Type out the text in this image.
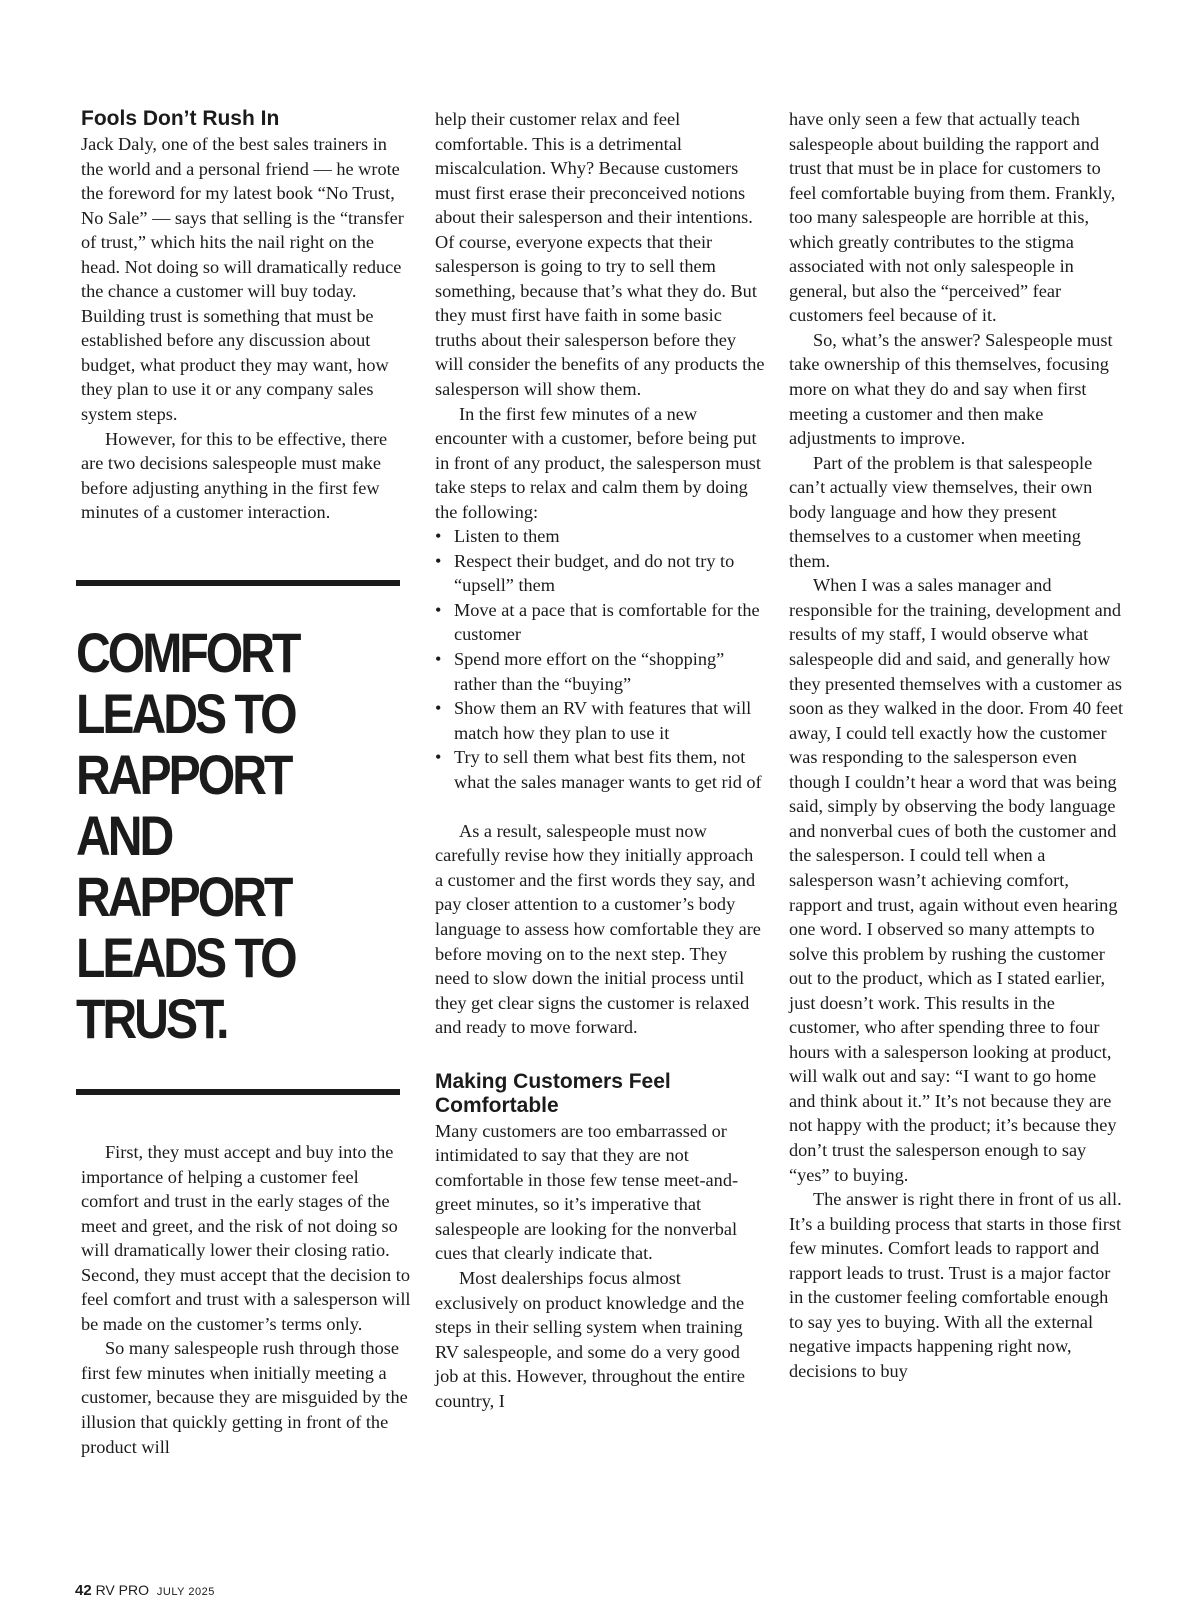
Fools Don’t Rush In

Jack Daly, one of the best sales trainers in the world and a personal friend — he wrote the foreword for my latest book “No Trust, No Sale” — says that selling is the “transfer of trust,” which hits the nail right on the head. Not doing so will dramatically reduce the chance a customer will buy today. Building trust is something that must be established before any discussion about budget, what product they may want, how they plan to use it or any company sales system steps.

However, for this to be effective, there are two decisions salespeople must make before adjusting anything in the first few minutes of a customer interaction.

COMFORT
LEADS TO
RAPPORT
AND
RAPPORT
LEADS TO
TRUST.

First, they must accept and buy into the importance of helping a customer feel comfort and trust in the early stages of the meet and greet, and the risk of not doing so will dramatically lower their closing ratio. Second, they must accept that the decision to feel comfort and trust with a salesperson will be made on the customer’s terms only.

So many salespeople rush through those first few minutes when initially meeting a customer, because they are misguided by the illusion that quickly getting in front of the product will

help their customer relax and feel comfortable. This is a detrimental miscalculation. Why? Because customers must first erase their preconceived notions about their salesperson and their intentions. Of course, everyone expects that their salesperson is going to try to sell them something, because that’s what they do. But they must first have faith in some basic truths about their salesperson before they will consider the benefits of any products the salesperson will show them.

In the first few minutes of a new encounter with a customer, before being put in front of any product, the salesperson must take steps to relax and calm them by doing the following:

• Listen to them
• Respect their budget, and do not try to “upsell” them
• Move at a pace that is comfortable for the customer
• Spend more effort on the “shopping” rather than the “buying”
• Show them an RV with features that will match how they plan to use it
• Try to sell them what best fits them, not what the sales manager wants to get rid of

As a result, salespeople must now carefully revise how they initially approach a customer and the first words they say, and pay closer attention to a customer’s body language to assess how comfortable they are before moving on to the next step. They need to slow down the initial process until they get clear signs the customer is relaxed and ready to move forward.

Making Customers Feel Comfortable

Many customers are too embarrassed or intimidated to say that they are not comfortable in those few tense meet-and-greet minutes, so it’s imperative that salespeople are looking for the nonverbal cues that clearly indicate that.

Most dealerships focus almost exclusively on product knowledge and the steps in their selling system when training RV salespeople, and some do a very good job at this. However, throughout the entire country, I

have only seen a few that actually teach salespeople about building the rapport and trust that must be in place for customers to feel comfortable buying from them. Frankly, too many salespeople are horrible at this, which greatly contributes to the stigma associated with not only salespeople in general, but also the “perceived” fear customers feel because of it.

So, what’s the answer? Salespeople must take ownership of this themselves, focusing more on what they do and say when first meeting a customer and then make adjustments to improve.

Part of the problem is that salespeople can’t actually view themselves, their own body language and how they present themselves to a customer when meeting them.

When I was a sales manager and responsible for the training, development and results of my staff, I would observe what salespeople did and said, and generally how they presented themselves with a customer as soon as they walked in the door. From 40 feet away, I could tell exactly how the customer was responding to the salesperson even though I couldn’t hear a word that was being said, simply by observing the body language and nonverbal cues of both the customer and the salesperson. I could tell when a salesperson wasn’t achieving comfort, rapport and trust, again without even hearing one word. I observed so many attempts to solve this problem by rushing the customer out to the product, which as I stated earlier, just doesn’t work. This results in the customer, who after spending three to four hours with a salesperson looking at product, will walk out and say: “I want to go home and think about it.” It’s not because they are not happy with the product; it’s because they don’t trust the salesperson enough to say “yes” to buying.

The answer is right there in front of us all. It’s a building process that starts in those first few minutes. Comfort leads to rapport and rapport leads to trust. Trust is a major factor in the customer feeling comfortable enough to say yes to buying. With all the external negative impacts happening right now, decisions to buy

42 RV PRO JULY 2025
